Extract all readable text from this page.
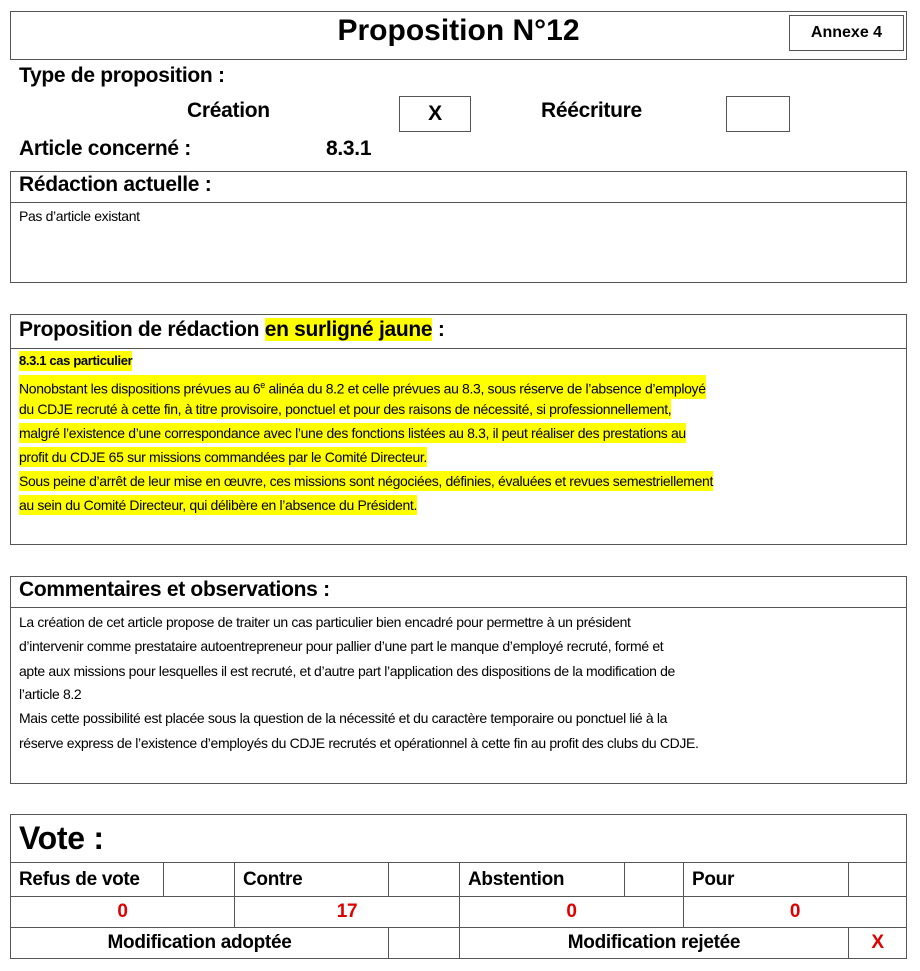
Proposition N°12	Annexe 4
Type de proposition :
Création	X	Réécriture
Article concerné :	8.3.1
Rédaction actuelle :
Pas d’article existant
Proposition de rédaction en surligné jaune :
8.3.1 cas particulier
Nonobstant les dispositions prévues au 6e alinéa du 8.2 et celle prévues au 8.3, sous réserve de l’absence d’employé
du CDJE recruté à cette fin, à titre provisoire, ponctuel et pour des raisons de nécessité, si professionnellement,
malgré l’existence d’une correspondance avec l’une des fonctions listées au 8.3, il peut réaliser des prestations au
profit du CDJE 65 sur missions commandées par le Comité Directeur.
Sous peine d’arrêt de leur mise en œuvre, ces missions sont négociées, définies, évaluées et revues semestriellement
au sein du Comité Directeur, qui délibère en l’absence du Président.
Commentaires et observations :
La création de cet article propose de traiter un cas particulier bien encadré pour permettre à un président
d’intervenir comme prestataire autoentrepreneur pour pallier d’une part le manque d’employé recruté, formé et
apte aux missions pour lesquelles il est recruté, et d’autre part l’application des dispositions de la modification de
l’article 8.2
Mais cette possibilité est placée sous la question de la nécessité et du caractère temporaire ou ponctuel lié à la
réserve express de l’existence d’employés du CDJE recrutés et opérationnel à cette fin au profit des clubs du CDJE.
Vote :
Refus de vote	Contre	Abstention	Pour
0	17	0	0
Modification adoptée	Modification rejetée	X
